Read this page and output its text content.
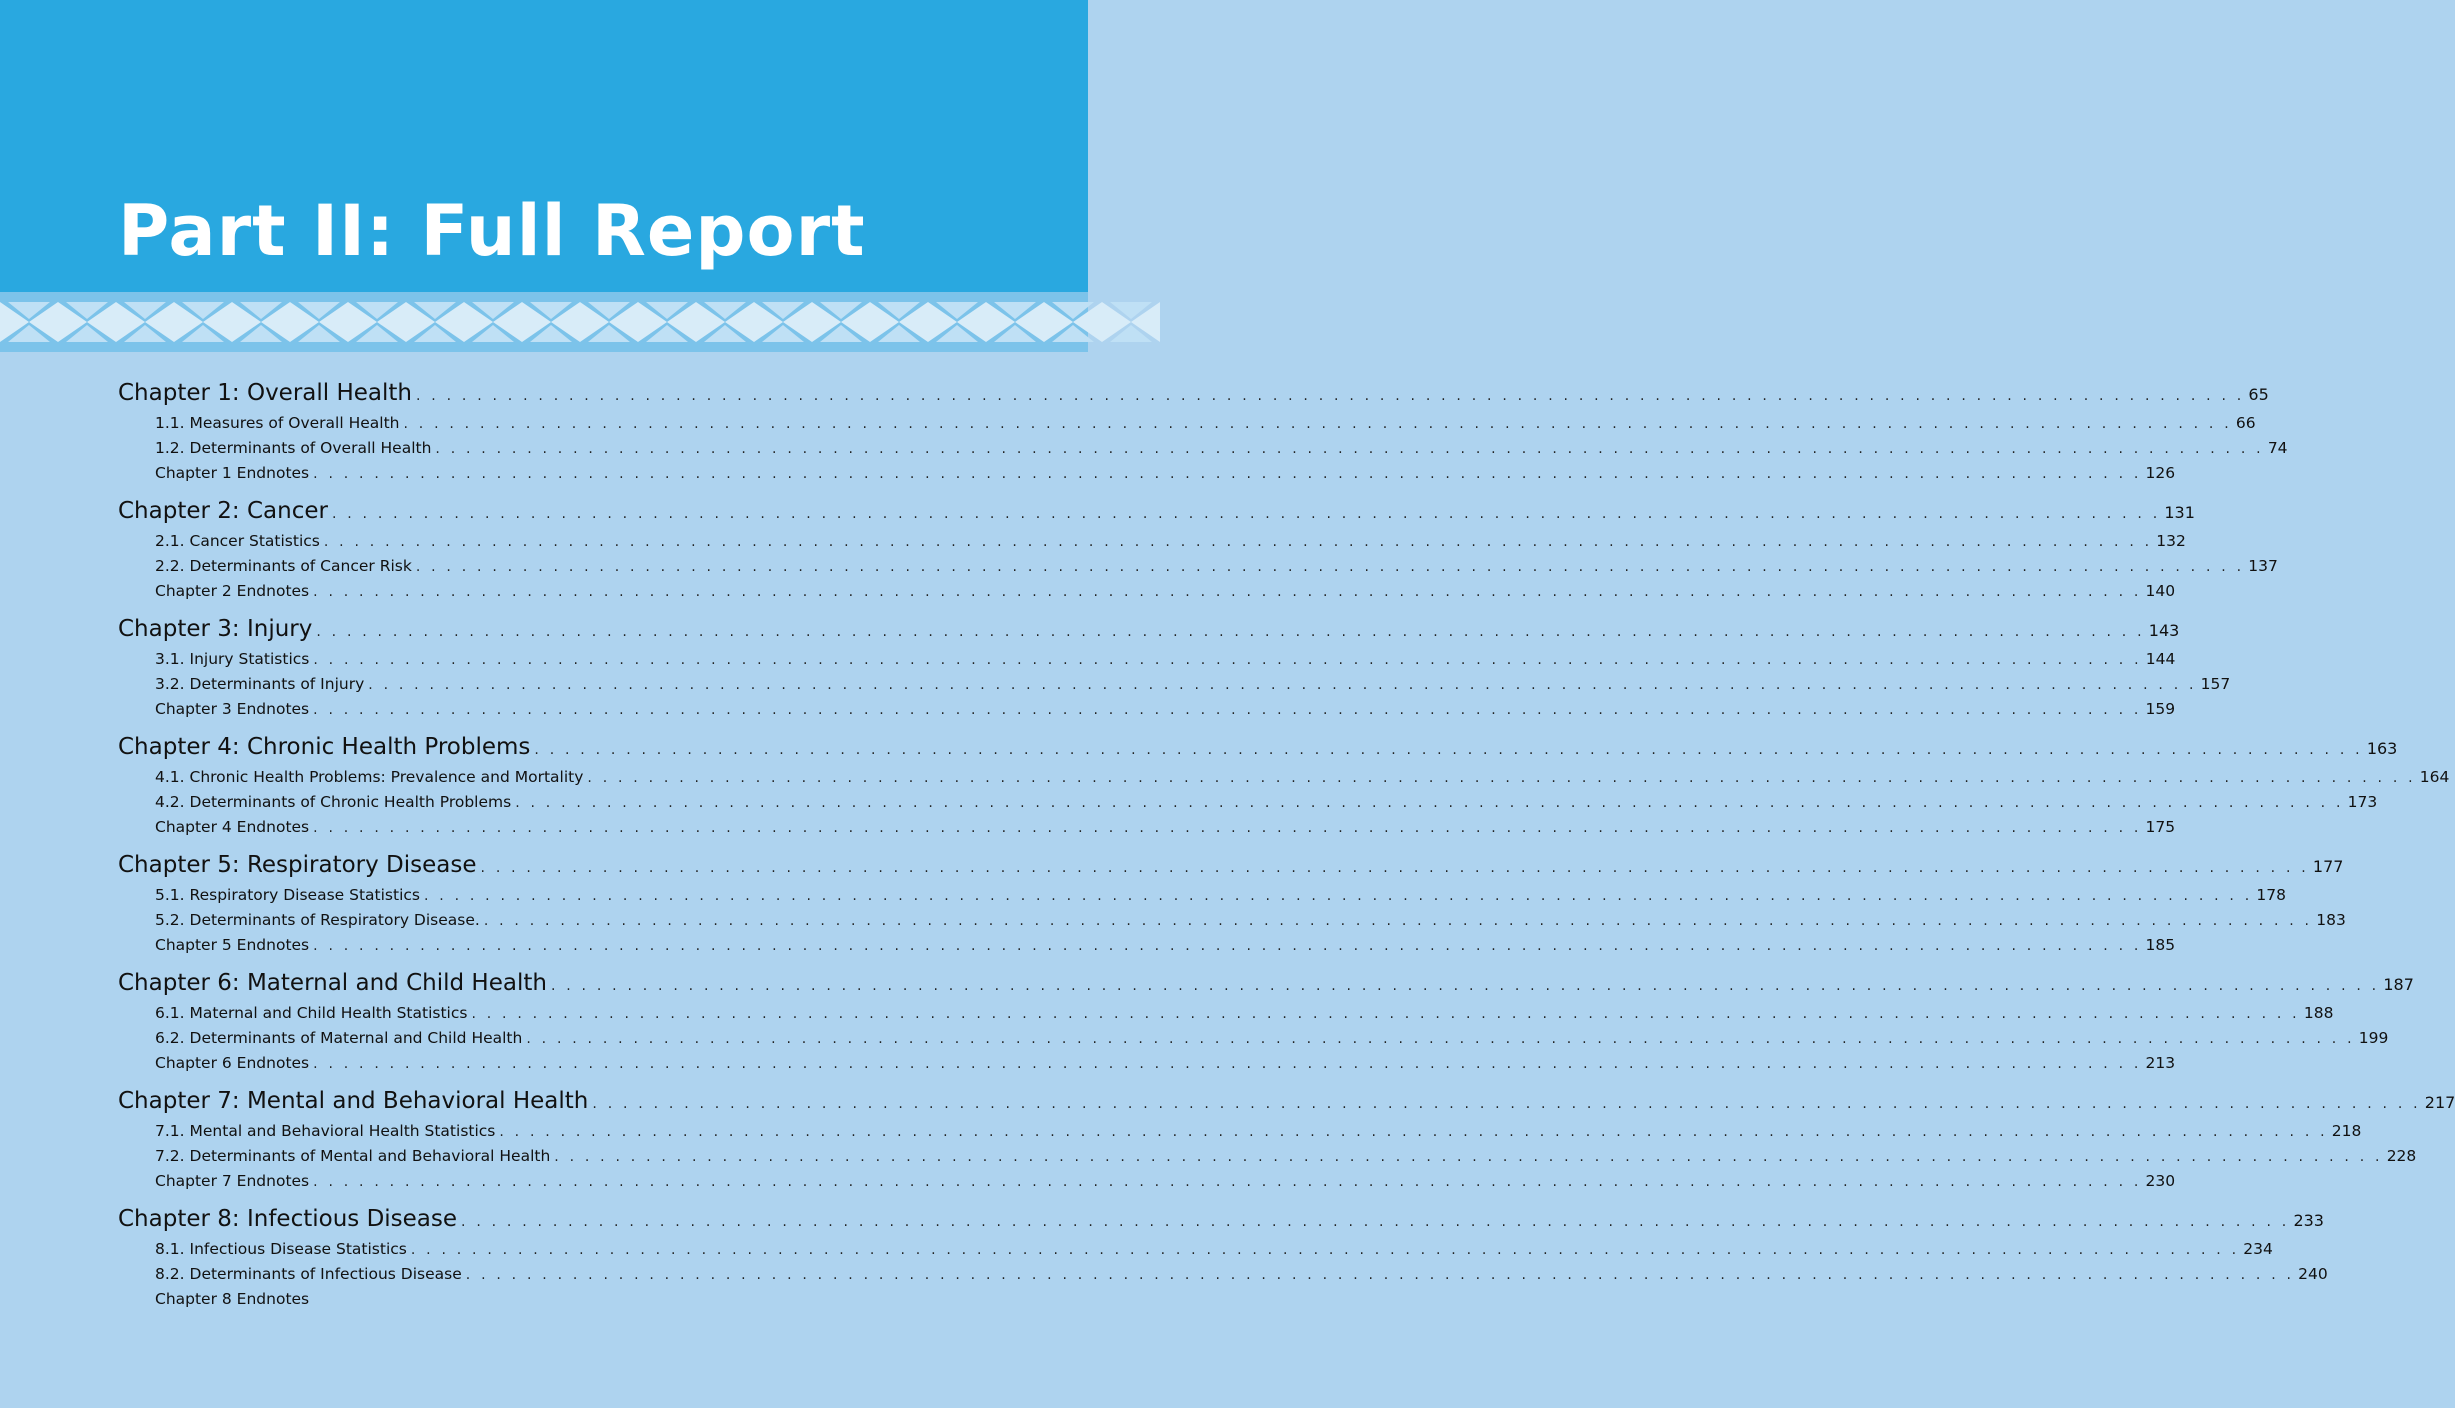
Part II: Full Report
Chapter 1: Overall Health . . . . . . . . . . . . . . . . . . . . . . . . . . . . . . . . . . . . . . . . . . . . . . . . . . . . . . . . . . . . . . . . . . . . . . . . . . . . . . . . . . . . . . . . . . . . . . . . . . . . . . . . . . . . . . . . . . . . . . . . 65
1.1. Measures of Overall Health . . . . . . . . . . . . . . . . . . . . . . . . . . . . . . . . . . . . . . . . . . . . . . . . . . . . . . . . . . . . . . . . . . . . . . . . . . . . . . . . . . . . . . . . . . . . . . . . . . . . . . . . . . . . . . . . . . . . . . . . 66
1.2. Determinants of Overall Health . . . . . . . . . . . . . . . . . . . . . . . . . . . . . . . . . . . . . . . . . . . . . . . . . . . . . . . . . . . . . . . . . . . . . . . . . . . . . . . . . . . . . . . . . . . . . . . . . . . . . . . . . . . . . . . . . . . . . . . . 74
Chapter 1 Endnotes . . . . . . . . . . . . . . . . . . . . . . . . . . . . . . . . . . . . . . . . . . . . . . . . . . . . . . . . . . . . . . . . . . . . . . . . . . . . . . . . . . . . . . . . . . . . . . . . . . . . . . . . . . . . . . . . . . . . . . . . 126
Chapter 2: Cancer . . . . . . . . . . . . . . . . . . . . . . . . . . . . . . . . . . . . . . . . . . . . . . . . . . . . . . . . . . . . . . . . . . . . . . . . . . . . . . . . . . . . . . . . . . . . . . . . . . . . . . . . . . . . . . . . . . . . . . . . 131
2.1. Cancer Statistics . . . . . . . . . . . . . . . . . . . . . . . . . . . . . . . . . . . . . . . . . . . . . . . . . . . . . . . . . . . . . . . . . . . . . . . . . . . . . . . . . . . . . . . . . . . . . . . . . . . . . . . . . . . . . . . . . . . . . . . . 132
2.2. Determinants of Cancer Risk . . . . . . . . . . . . . . . . . . . . . . . . . . . . . . . . . . . . . . . . . . . . . . . . . . . . . . . . . . . . . . . . . . . . . . . . . . . . . . . . . . . . . . . . . . . . . . . . . . . . . . . . . . . . . . . . . . . . . . . . 137
Chapter 2 Endnotes . . . . . . . . . . . . . . . . . . . . . . . . . . . . . . . . . . . . . . . . . . . . . . . . . . . . . . . . . . . . . . . . . . . . . . . . . . . . . . . . . . . . . . . . . . . . . . . . . . . . . . . . . . . . . . . . . . . . . . . . 140
Chapter 3: Injury . . . . . . . . . . . . . . . . . . . . . . . . . . . . . . . . . . . . . . . . . . . . . . . . . . . . . . . . . . . . . . . . . . . . . . . . . . . . . . . . . . . . . . . . . . . . . . . . . . . . . . . . . . . . . . . . . . . . . . . . 143
3.1. Injury Statistics . . . . . . . . . . . . . . . . . . . . . . . . . . . . . . . . . . . . . . . . . . . . . . . . . . . . . . . . . . . . . . . . . . . . . . . . . . . . . . . . . . . . . . . . . . . . . . . . . . . . . . . . . . . . . . . . . . . . . . . . 144
3.2. Determinants of Injury . . . . . . . . . . . . . . . . . . . . . . . . . . . . . . . . . . . . . . . . . . . . . . . . . . . . . . . . . . . . . . . . . . . . . . . . . . . . . . . . . . . . . . . . . . . . . . . . . . . . . . . . . . . . . . . . . . . . . . . . 157
Chapter 3 Endnotes . . . . . . . . . . . . . . . . . . . . . . . . . . . . . . . . . . . . . . . . . . . . . . . . . . . . . . . . . . . . . . . . . . . . . . . . . . . . . . . . . . . . . . . . . . . . . . . . . . . . . . . . . . . . . . . . . . . . . . . . 159
Chapter 4: Chronic Health Problems . . . . . . . . . . . . . . . . . . . . . . . . . . . . . . . . . . . . . . . . . . . . . . . . . . . . . . . . . . . . . . . . . . . . . . . . . . . . . . . . . . . . . . . . . . . . . . . . . . . . . . . . . . . . . . . . . . . . . . . . 163
4.1. Chronic Health Problems: Prevalence and Mortality . . . . . . . . . . . . . . . . . . . . . . . . . . . . . . . . . . . . . . . . . . . . . . . . . . . . . . . . . . . . . . . . . . . . . . . . . . . . . . . . . . . . . . . . . . . . . . . . . . . . . . . . . . . . . . . . . . . . . . . . 164
4.2. Determinants of Chronic Health Problems . . . . . . . . . . . . . . . . . . . . . . . . . . . . . . . . . . . . . . . . . . . . . . . . . . . . . . . . . . . . . . . . . . . . . . . . . . . . . . . . . . . . . . . . . . . . . . . . . . . . . . . . . . . . . . . . . . . . . . . . 173
Chapter 4 Endnotes . . . . . . . . . . . . . . . . . . . . . . . . . . . . . . . . . . . . . . . . . . . . . . . . . . . . . . . . . . . . . . . . . . . . . . . . . . . . . . . . . . . . . . . . . . . . . . . . . . . . . . . . . . . . . . . . . . . . . . . . 175
Chapter 5: Respiratory Disease . . . . . . . . . . . . . . . . . . . . . . . . . . . . . . . . . . . . . . . . . . . . . . . . . . . . . . . . . . . . . . . . . . . . . . . . . . . . . . . . . . . . . . . . . . . . . . . . . . . . . . . . . . . . . . . . . . . . . . . . 177
5.1. Respiratory Disease Statistics . . . . . . . . . . . . . . . . . . . . . . . . . . . . . . . . . . . . . . . . . . . . . . . . . . . . . . . . . . . . . . . . . . . . . . . . . . . . . . . . . . . . . . . . . . . . . . . . . . . . . . . . . . . . . . . . . . . . . . . . 178
5.2. Determinants of Respiratory Disease. . . . . . . . . . . . . . . . . . . . . . . . . . . . . . . . . . . . . . . . . . . . . . . . . . . . . . . . . . . . . . . . . . . . . . . . . . . . . . . . . . . . . . . . . . . . . . . . . . . . . . . . . . . . . . . . . . . . . . . . . 183
Chapter 5 Endnotes . . . . . . . . . . . . . . . . . . . . . . . . . . . . . . . . . . . . . . . . . . . . . . . . . . . . . . . . . . . . . . . . . . . . . . . . . . . . . . . . . . . . . . . . . . . . . . . . . . . . . . . . . . . . . . . . . . . . . . . . 185
Chapter 6: Maternal and Child Health . . . . . . . . . . . . . . . . . . . . . . . . . . . . . . . . . . . . . . . . . . . . . . . . . . . . . . . . . . . . . . . . . . . . . . . . . . . . . . . . . . . . . . . . . . . . . . . . . . . . . . . . . . . . . . . . . . . . . . . . 187
6.1. Maternal and Child Health Statistics . . . . . . . . . . . . . . . . . . . . . . . . . . . . . . . . . . . . . . . . . . . . . . . . . . . . . . . . . . . . . . . . . . . . . . . . . . . . . . . . . . . . . . . . . . . . . . . . . . . . . . . . . . . . . . . . . . . . . . . . 188
6.2. Determinants of Maternal and Child Health . . . . . . . . . . . . . . . . . . . . . . . . . . . . . . . . . . . . . . . . . . . . . . . . . . . . . . . . . . . . . . . . . . . . . . . . . . . . . . . . . . . . . . . . . . . . . . . . . . . . . . . . . . . . . . . . . . . . . . . . 199
Chapter 6 Endnotes . . . . . . . . . . . . . . . . . . . . . . . . . . . . . . . . . . . . . . . . . . . . . . . . . . . . . . . . . . . . . . . . . . . . . . . . . . . . . . . . . . . . . . . . . . . . . . . . . . . . . . . . . . . . . . . . . . . . . . . . 213
Chapter 7: Mental and Behavioral Health . . . . . . . . . . . . . . . . . . . . . . . . . . . . . . . . . . . . . . . . . . . . . . . . . . . . . . . . . . . . . . . . . . . . . . . . . . . . . . . . . . . . . . . . . . . . . . . . . . . . . . . . . . . . . . . . . . . . . . . . 217
7.1. Mental and Behavioral Health Statistics . . . . . . . . . . . . . . . . . . . . . . . . . . . . . . . . . . . . . . . . . . . . . . . . . . . . . . . . . . . . . . . . . . . . . . . . . . . . . . . . . . . . . . . . . . . . . . . . . . . . . . . . . . . . . . . . . . . . . . . . 218
7.2. Determinants of Mental and Behavioral Health . . . . . . . . . . . . . . . . . . . . . . . . . . . . . . . . . . . . . . . . . . . . . . . . . . . . . . . . . . . . . . . . . . . . . . . . . . . . . . . . . . . . . . . . . . . . . . . . . . . . . . . . . . . . . . . . . . . . . . . . 228
Chapter 7 Endnotes . . . . . . . . . . . . . . . . . . . . . . . . . . . . . . . . . . . . . . . . . . . . . . . . . . . . . . . . . . . . . . . . . . . . . . . . . . . . . . . . . . . . . . . . . . . . . . . . . . . . . . . . . . . . . . . . . . . . . . . . 230
Chapter 8: Infectious Disease . . . . . . . . . . . . . . . . . . . . . . . . . . . . . . . . . . . . . . . . . . . . . . . . . . . . . . . . . . . . . . . . . . . . . . . . . . . . . . . . . . . . . . . . . . . . . . . . . . . . . . . . . . . . . . . . . . . . . . . . 233
8.1. Infectious Disease Statistics . . . . . . . . . . . . . . . . . . . . . . . . . . . . . . . . . . . . . . . . . . . . . . . . . . . . . . . . . . . . . . . . . . . . . . . . . . . . . . . . . . . . . . . . . . . . . . . . . . . . . . . . . . . . . . . . . . . . . . . . 234
8.2. Determinants of Infectious Disease . . . . . . . . . . . . . . . . . . . . . . . . . . . . . . . . . . . . . . . . . . . . . . . . . . . . . . . . . . . . . . . . . . . . . . . . . . . . . . . . . . . . . . . . . . . . . . . . . . . . . . . . . . . . . . . . . . . . . . . . 240
Chapter 8 Endnotes
